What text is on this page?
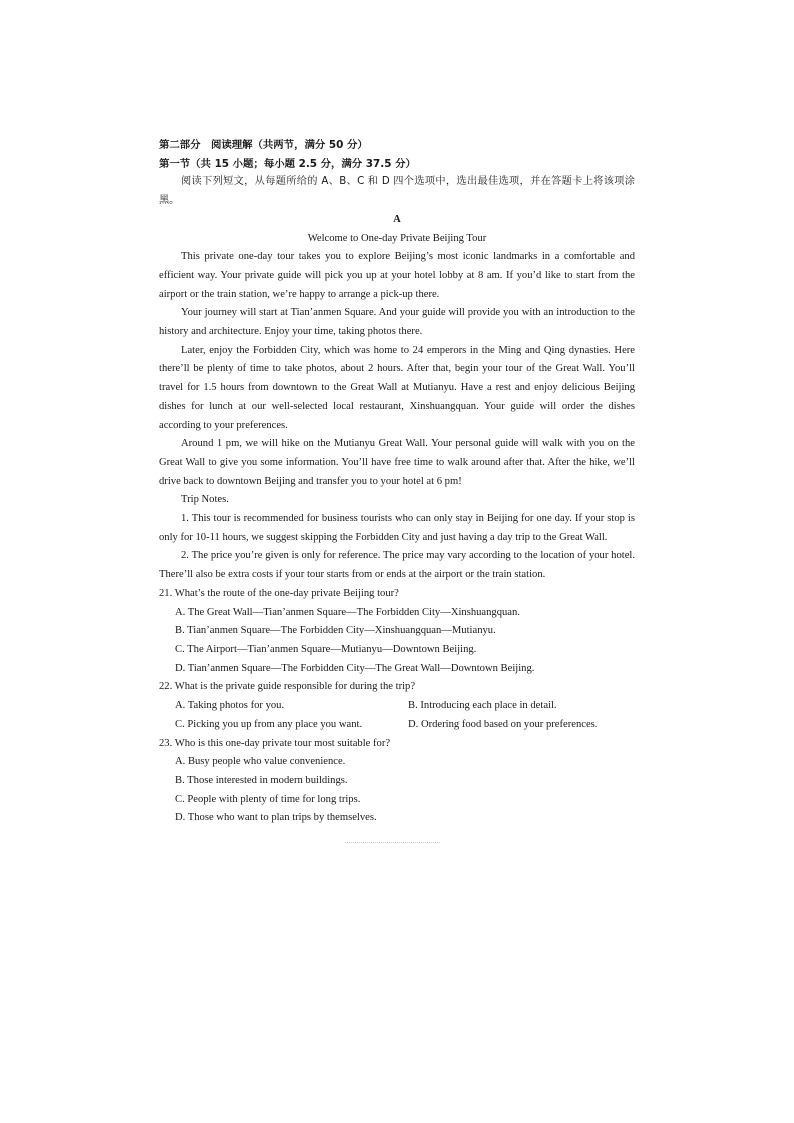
第二部分　阅读理解（共两节，满分 50 分）
第一节（共 15 小题；每小题 2.5 分，满分 37.5 分）
阅读下列短文，从每题所给的 A、B、C 和 D 四个选项中，选出最佳选项，并在答题卡上将该项涂黑。
A
Welcome to One-day Private Beijing Tour
This private one-day tour takes you to explore Beijing’s most iconic landmarks in a comfortable and efficient way. Your private guide will pick you up at your hotel lobby at 8 am. If you’d like to start from the airport or the train station, we’re happy to arrange a pick-up there.
Your journey will start at Tian’anmen Square. And your guide will provide you with an introduction to the history and architecture. Enjoy your time, taking photos there.
Later, enjoy the Forbidden City, which was home to 24 emperors in the Ming and Qing dynasties. Here there’ll be plenty of time to take photos, about 2 hours. After that, begin your tour of the Great Wall. You’ll travel for 1.5 hours from downtown to the Great Wall at Mutianyu. Have a rest and enjoy delicious Beijing dishes for lunch at our well-selected local restaurant, Xinshuangquan. Your guide will order the dishes according to your preferences.
Around 1 pm, we will hike on the Mutianyu Great Wall. Your personal guide will walk with you on the Great Wall to give you some information. You’ll have free time to walk around after that. After the hike, we’ll drive back to downtown Beijing and transfer you to your hotel at 6 pm!
Trip Notes.
1. This tour is recommended for business tourists who can only stay in Beijing for one day. If your stop is only for 10-11 hours, we suggest skipping the Forbidden City and just having a day trip to the Great Wall.
2. The price you’re given is only for reference. The price may vary according to the location of your hotel. There’ll also be extra costs if your tour starts from or ends at the airport or the train station.
21. What’s the route of the one-day private Beijing tour?
A. The Great Wall—Tian’anmen Square—The Forbidden City—Xinshuangquan.
B. Tian’anmen Square—The Forbidden City—Xinshuangquan—Mutianyu.
C. The Airport—Tian’anmen Square—Mutianyu—Downtown Beijing.
D. Tian’anmen Square—The Forbidden City—The Great Wall—Downtown Beijing.
22. What is the private guide responsible for during the trip?
A. Taking photos for you.	B. Introducing each place in detail.
C. Picking you up from any place you want.	D. Ordering food based on your preferences.
23. Who is this one-day private tour most suitable for?
A. Busy people who value convenience.
B. Those interested in modern buildings.
C. People with plenty of time for long trips.
D. Those who want to plan trips by themselves.
